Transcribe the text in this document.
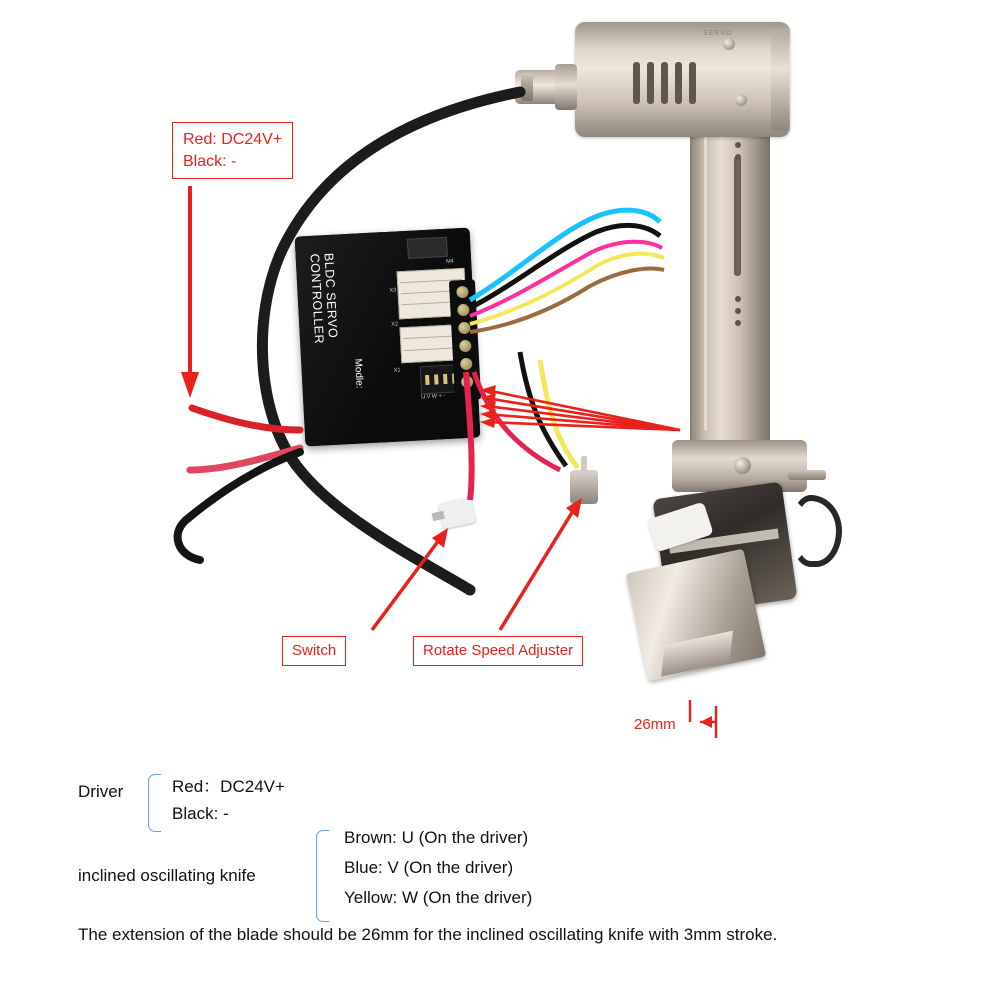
SERVO
BLDC SERVO CONTROLLER
Modle:
M4
X3
X2
X1
U V W + -
Red: DC24V+
Black: -
Switch	Rotate Speed Adjuster
26mm
Driver	Red：DC24V+
Black: -
inclined oscillating knife
Brown: U (On the driver)
Blue: V (On the driver)
Yellow: W (On the driver)
The extension of the blade should be 26mm for the inclined oscillating knife with 3mm stroke.
